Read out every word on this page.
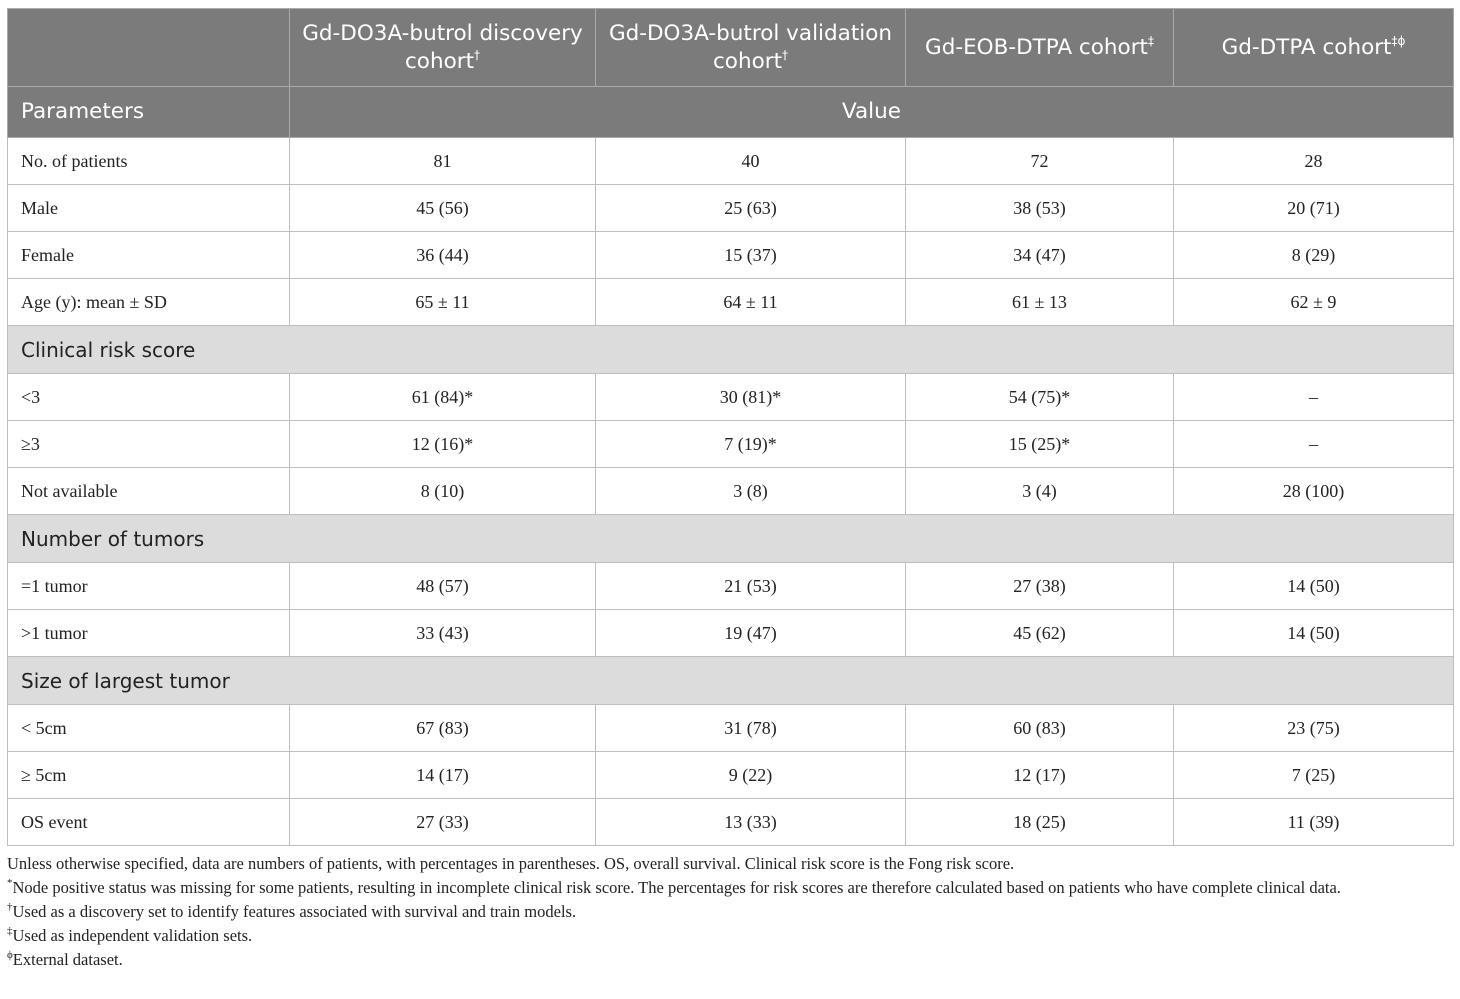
	Gd-DO3A-butrol discovery cohort†	Gd-DO3A-butrol validation cohort†	Gd-EOB-DTPA cohort‡	Gd-DTPA cohort$^{\ddagger\phi}$
Parameters	Value			
No. of patients	81	40	72	28
Male	45 (56)	25 (63)	38 (53)	20 (71)
Female	36 (44)	15 (37)	34 (47)	8 (29)
Age (y): mean ± SD	65 ± 11	64 ± 11	61 ± 13	62 ± 9
Clinical risk score				
<3	61 (84)*	30 (81)*	54 (75)*	–
≥3	12 (16)*	7 (19)*	15 (25)*	–
Not available	8 (10)	3 (8)	3 (4)	28 (100)
Number of tumors				
=1 tumor	48 (57)	21 (53)	27 (38)	14 (50)
>1 tumor	33 (43)	19 (47)	45 (62)	14 (50)
Size of largest tumor				
< 5cm	67 (83)	31 (78)	60 (83)	23 (75)
≥ 5cm	14 (17)	9 (22)	12 (17)	7 (25)
OS event	27 (33)	13 (33)	18 (25)	11 (39)

Unless otherwise specified, data are numbers of patients, with percentages in parentheses. OS, overall survival. Clinical risk score is the Fong risk score.

*Node positive status was missing for some patients, resulting in incomplete clinical risk score. The percentages for risk scores are therefore calculated based on patients who have complete clinical data.

†Used as a discovery set to identify features associated with survival and train models.

‡Used as independent validation sets.

$^\phi$External dataset.
